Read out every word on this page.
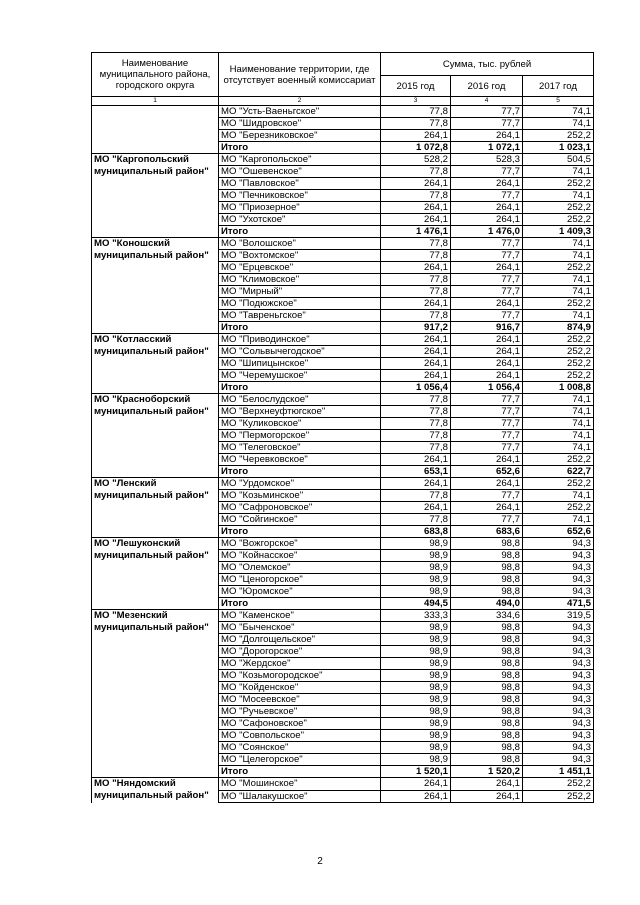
Наименование муниципального района, городского округа	Наименование территории, где отсутствует военный комиссариат	Сумма, тыс. рублей		
		2015 год	2016 год	2017 год
1	2	3	4	5
	МО "Усть-Ваеньгское"	77,8	77,7	74,1
	МО "Шидровское"	77,8	77,7	74,1
	МО "Березниковское"	264,1	264,1	252,2
	Итого	1 072,8	1 072,1	1 023,1
МО "Каргопольский муниципальный район"	МО "Каргопольское"	528,2	528,3	504,5
	МО "Ошевенское"	77,8	77,7	74,1
	МО "Павловское"	264,1	264,1	252,2
	МО "Печниковское"	77,8	77,7	74,1
	МО "Приозерное"	264,1	264,1	252,2
	МО "Ухотское"	264,1	264,1	252,2
	Итого	1 476,1	1 476,0	1 409,3
МО "Коношский муниципальный район"	МО "Волошское"	77,8	77,7	74,1
	МО "Вохтомское"	77,8	77,7	74,1
	МО "Ерцевское"	264,1	264,1	252,2
	МО "Климовское"	77,8	77,7	74,1
	МО "Мирный"	77,8	77,7	74,1
	МО "Подюжское"	264,1	264,1	252,2
	МО "Тавреньгское"	77,8	77,7	74,1
	Итого	917,2	916,7	874,9
МО "Котласский муниципальный район"	МО "Приводинское"	264,1	264,1	252,2
	МО "Сольвычегодское"	264,1	264,1	252,2
	МО "Шипицынское"	264,1	264,1	252,2
	МО "Черемушское"	264,1	264,1	252,2
	Итого	1 056,4	1 056,4	1 008,8
МО "Красноборский муниципальный район"	МО "Белослудское"	77,8	77,7	74,1
	МО "Верхнеуфтюгское"	77,8	77,7	74,1
	МО "Куликовское"	77,8	77,7	74,1
	МО "Пермогорское"	77,8	77,7	74,1
	МО "Телеговское"	77,8	77,7	74,1
	МО "Черевковское"	264,1	264,1	252,2
	Итого	653,1	652,6	622,7
МО "Ленский муниципальный район"	МО "Урдомское"	264,1	264,1	252,2
	МО "Козьминское"	77,8	77,7	74,1
	МО "Сафроновское"	264,1	264,1	252,2
	МО "Сойгинское"	77,8	77,7	74,1
	Итого	683,8	683,6	652,6
МО "Лешуконский муниципальный район"	МО "Вожгорское"	98,9	98,8	94,3
	МО "Койнасское"	98,9	98,8	94,3
	МО "Олемское"	98,9	98,8	94,3
	МО "Ценогорское"	98,9	98,8	94,3
	МО "Юромское"	98,9	98,8	94,3
	Итого	494,5	494,0	471,5
МО "Мезенский муниципальный район"	МО "Каменское"	333,3	334,6	319,5
	МО "Быченское"	98,9	98,8	94,3
	МО "Долгощельское"	98,9	98,8	94,3
	МО "Дорогорское"	98,9	98,8	94,3
	МО "Жердское"	98,9	98,8	94,3
	МО "Козьмогородское"	98,9	98,8	94,3
	МО "Койденское"	98,9	98,8	94,3
	МО "Мосеевское"	98,9	98,8	94,3
	МО "Ручьевское"	98,9	98,8	94,3
	МО "Сафоновское"	98,9	98,8	94,3
	МО "Совпольское"	98,9	98,8	94,3
	МО "Соянское"	98,9	98,8	94,3
	МО "Целегорское"	98,9	98,8	94,3
	Итого	1 520,1	1 520,2	1 451,1
МО "Няндомский муниципальный район"	МО "Мошинское"	264,1	264,1	252,2
	МО "Шалакушское"	264,1	264,1	252,2
2
